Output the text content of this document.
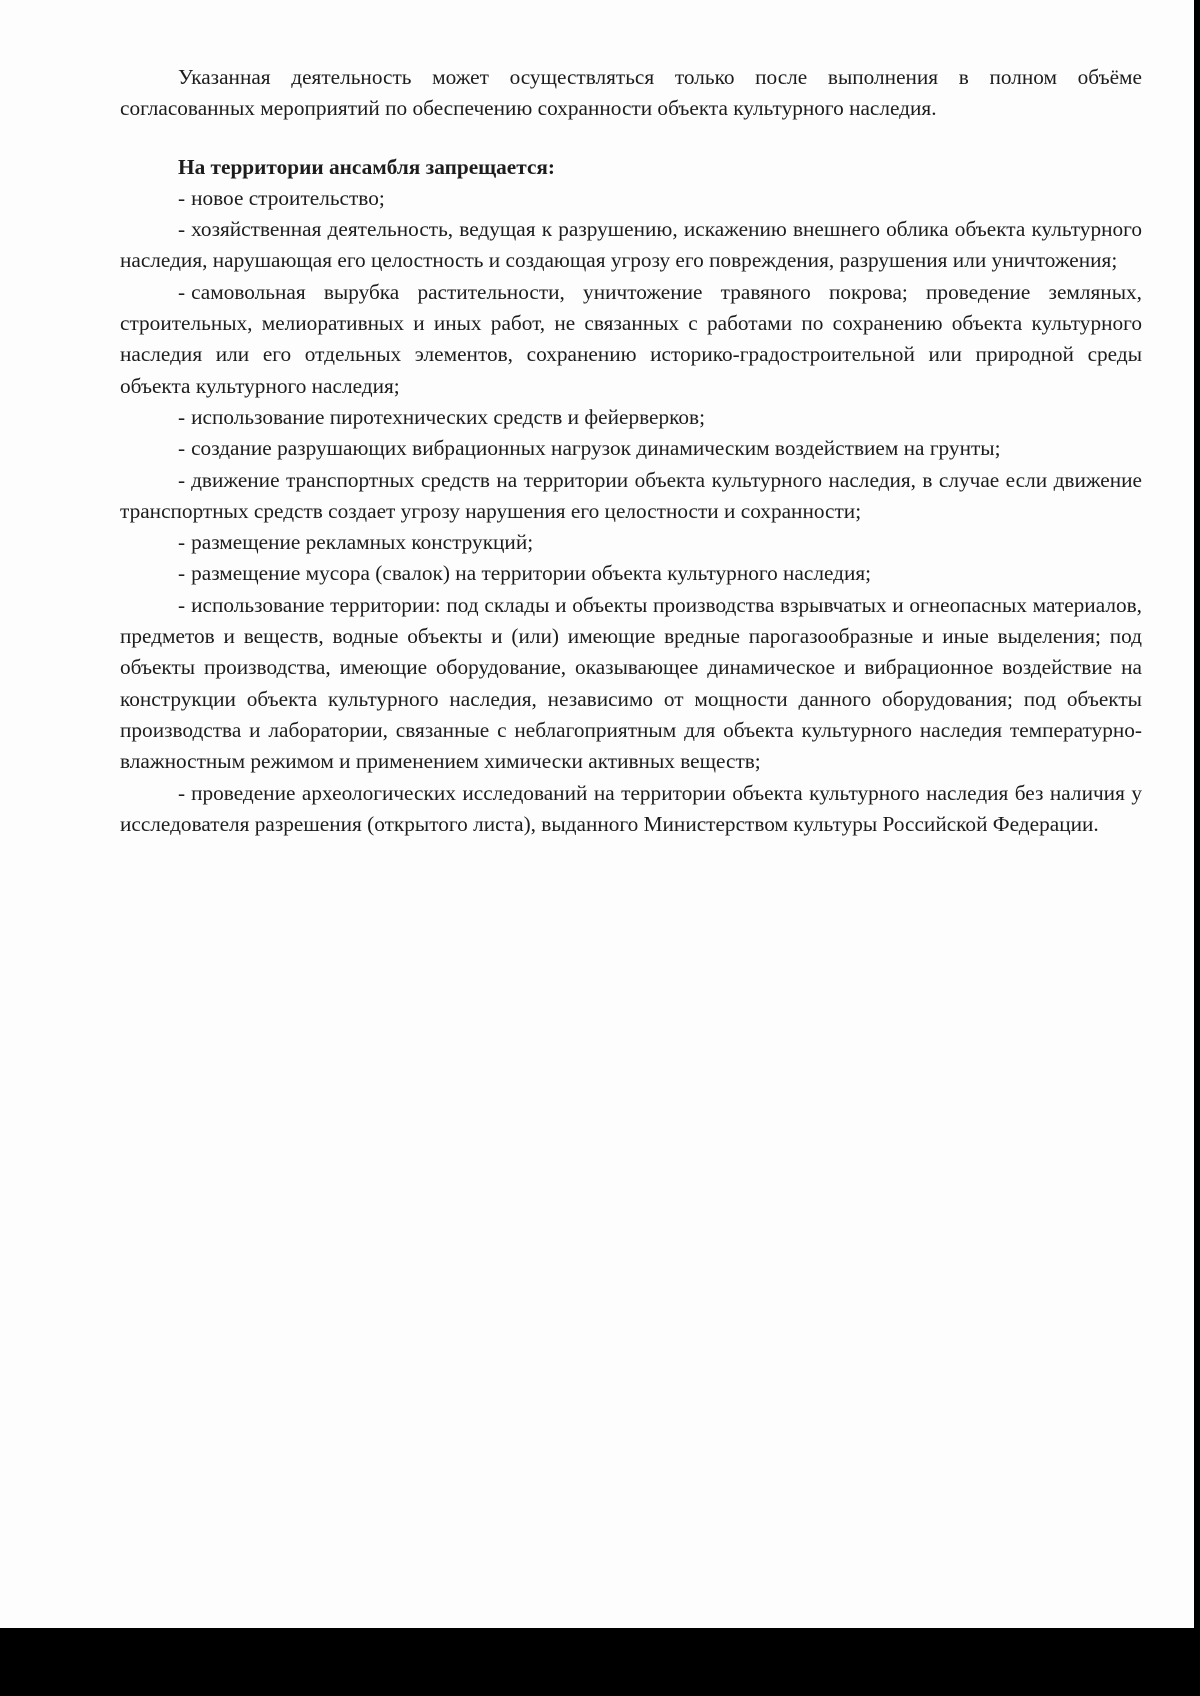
Указанная деятельность может осуществляться только после выполнения в полном объёме согласованных мероприятий по обеспечению сохранности объекта культурного наследия.

На территории ансамбля запрещается:

- новое строительство;
- хозяйственная деятельность, ведущая к разрушению, искажению внешнего облика объекта культурного наследия, нарушающая его целостность и создающая угрозу его повреждения, разрушения или уничтожения;
- самовольная вырубка растительности, уничтожение травяного покрова; проведение земляных, строительных, мелиоративных и иных работ, не связанных с работами по сохранению объекта культурного наследия или его отдельных элементов, сохранению историко-градостроительной или природной среды объекта культурного наследия;
- использование пиротехнических средств и фейерверков;
- создание разрушающих вибрационных нагрузок динамическим воздействием на грунты;
- движение транспортных средств на территории объекта культурного наследия, в случае если движение транспортных средств создает угрозу нарушения его целостности и сохранности;
- размещение рекламных конструкций;
- размещение мусора (свалок) на территории объекта культурного наследия;
- использование территории: под склады и объекты производства взрывчатых и огнеопасных материалов, предметов и веществ, водные объекты и (или) имеющие вредные парогазообразные и иные выделения; под объекты производства, имеющие оборудование, оказывающее динамическое и вибрационное воздействие на конструкции объекта культурного наследия, независимо от мощности данного оборудования; под объекты производства и лаборатории, связанные с неблагоприятным для объекта культурного наследия температурно-влажностным режимом и применением химически активных веществ;
- проведение археологических исследований на территории объекта культурного наследия без наличия у исследователя разрешения (открытого листа), выданного Министерством культуры Российской Федерации.
